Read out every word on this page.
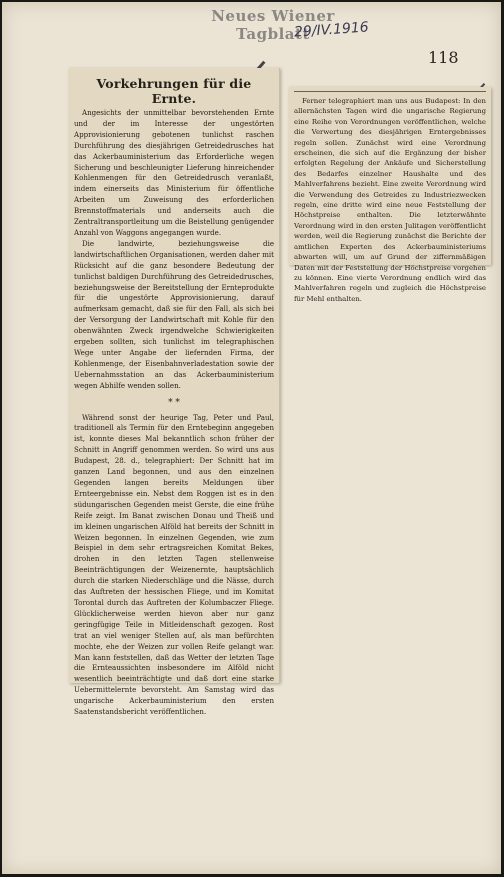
Neues Wiener Tagblatt
29/IV.1916
118
Vorkehrungen für die Ernte.

Angesichts der unmittelbar bevorstehenden Ernte und der im Interesse der ungestörten Approvisionierung gebotenen tunlichst raschen Durchführung des diesjährigen Getreidedrusches hat das Ackerbauministerium das Erforderliche wegen Sicherung und beschleunigter Lieferung hinreichender Kohlenmengen für den Getreidedrusch veranlaßt, indem einerseits das Ministerium für öffentliche Arbeiten um Zuweisung des erforderlichen Brennstoffmaterials und anderseits auch die Zentraltransportleitung um die Beistellung genügender Anzahl von Waggons angegangen wurde.

Die landwirte, beziehungsweise die landwirtschaftlichen Organisationen, werden daher mit Rücksicht auf die ganz besondere Bedeutung der tunlichst baldigen Durchführung des Getreidedrusches, beziehungsweise der Bereitstellung der Ernteprodukte für die ungestörte Approvisionierung, darauf aufmerksam gemacht, daß sie für den Fall, als sich bei der Versorgung der Landwirtschaft mit Kohle für den obenwähnten Zweck irgendwelche Schwierigkeiten ergeben sollten, sich tunlichst im telegraphischen Wege unter Angabe der liefernden Firma, der Kohlenmenge, der Eisenbahnverladestation sowie der Uebernahmsstation an das Ackerbauministerium wegen Abhilfe wenden sollen.

* *

Während sonst der heurige Tag, Peter und Paul, traditionell als Termin für den Erntebeginn angegeben ist, konnte dieses Mal bekanntlich schon früher der Schnitt in Angriff genommen werden. So wird uns aus Budapest, 28. d., telegraphiert: Der Schnitt hat im ganzen Land begonnen, und aus den einzelnen Gegenden langen bereits Meldungen über Ernteergebnisse ein. Nebst dem Roggen ist es in den südungarischen Gegenden meist Gerste, die eine frühe Reife zeigt. Im Banat zwischen Donau und Theiß und im kleinen ungarischen Alföld hat bereits der Schnitt in Weizen begonnen. In einzelnen Gegenden, wie zum Beispiel in dem sehr ertragsreichen Komitat Bekes, drohen in den letzten Tagen stellenweise Beeinträchtigungen der Weizenernte, hauptsächlich durch die starken Niederschläge und die Nässe, durch das Auftreten der hessischen Fliege, und im Komitat Torontal durch das Auftreten der Kolumbaczer Fliege. Glücklicherweise werden hievon aber nur ganz geringfügige Teile in Mitleidenschaft gezogen. Rost trat an viel weniger Stellen auf, als man befürchten mochte, ehe der Weizen zur vollen Reife gelangt war. Man kann feststellen, daß das Wetter der letzten Tage die Ernteaussichten insbesondere im Alföld nicht wesentlich beeinträchtigte und daß dort eine starke Uebermittelernte bevorsteht. Am Samstag wird das ungarische Ackerbauministerium den ersten Saatenstandsbericht veröffentlichen.

Ferner telegraphiert man uns aus Budapest: In den allernächsten Tagen wird die ungarische Regierung eine Reihe von Verordnungen veröffentlichen, welche die Verwertung des diesjährigen Erntergebnisses regeln sollen. Zunächst wird eine Verordnung erscheinen, die sich auf die Ergänzung der bisher erfolgten Regelung der Ankäufe und Sicherstellung des Bedarfes einzelner Haushalte und des Mahlverfahrens bezieht. Eine zweite Verordnung wird die Verwendung des Getreides zu Industriezwecken regeln, eine dritte wird eine neue Feststellung der Höchstpreise enthalten. Die letzterwähnte Verordnung wird in den ersten Julitagen veröffentlicht werden, weil die Regierung zunächst die Berichte der amtlichen Experten des Ackerbauministeriums abwarten will, um auf Grund der ziffernmäßigen Daten mit der Feststellung der Höchstpreise vorgehen zu können. Eine vierte Verordnung endlich wird das Mahlverfahren regeln und zugleich die Höchstpreise für Mehl enthalten.
